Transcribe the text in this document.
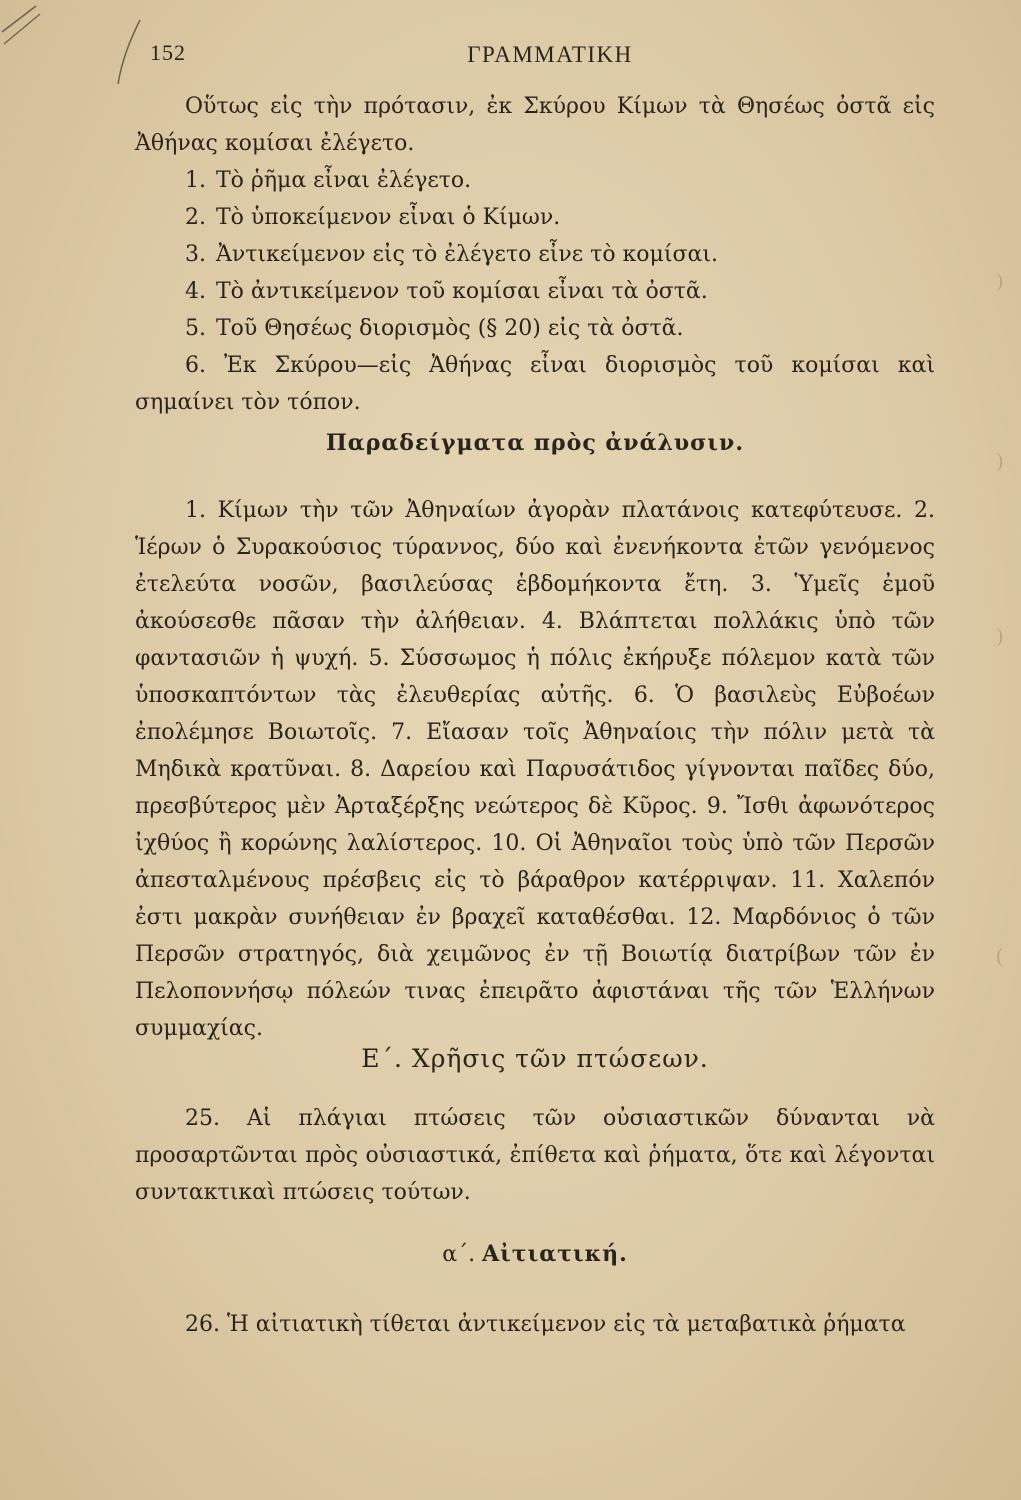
)
)
)
(
152	ΓΡΑΜΜΑΤΙΚΗ

Οὕτως εἰς τὴν πρότασιν, ἐκ Σκύρου Κίμων τὰ Θησέως ὀστᾶ εἰς Ἀθήνας κομίσαι ἐλέγετο.

1. Τὸ ῥῆμα εἶναι ἐλέγετο.

2. Τὸ ὑποκείμενον εἶναι ὁ Κίμων.

3. Ἀντικείμενον εἰς τὸ ἐλέγετο εἶνε τὸ κομίσαι.

4. Τὸ ἀντικείμενον τοῦ κομίσαι εἶναι τὰ ὀστᾶ.

5. Τοῦ Θησέως διορισμὸς (§ 20) εἰς τὰ ὀστᾶ.

6. Ἐκ Σκύρου—εἰς Ἀθήνας εἶναι διορισμὸς τοῦ κομίσαι καὶ σημαίνει τὸν τόπον.

Παραδείγματα πρὸς ἀνάλυσιν.

1. Κίμων τὴν τῶν Ἀθηναίων ἀγορὰν πλατάνοις κατεφύτευσε. 2. Ἱέρων ὁ Συρακούσιος τύραννος, δύο καὶ ἐνενήκοντα ἐτῶν γενόμενος ἐτελεύτα νοσῶν, βασιλεύσας ἑβδομήκοντα ἔτη. 3. Ὑμεῖς ἐμοῦ ἀκούσεσθε πᾶσαν τὴν ἀλήθειαν. 4. Βλάπτεται πολλάκις ὑπὸ τῶν φαντασιῶν ἡ ψυχή. 5. Σύσσωμος ἡ πόλις ἐκήρυξε πόλεμον κατὰ τῶν ὑποσκαπτόντων τὰς ἐλευθερίας αὐτῆς. 6. Ὁ βασιλεὺς Εὐβοέων ἐπολέμησε Βοιωτοῖς. 7. Εἴασαν τοῖς Ἀθηναίοις τὴν πόλιν μετὰ τὰ Μηδικὰ κρατῦναι. 8. Δαρείου καὶ Παρυσάτιδος γίγνονται παῖδες δύο, πρεσβύτερος μὲν Ἀρταξέρξης νεώτερος δὲ Κῦρος. 9. Ἴσθι ἀφωνότερος ἰχθύος ἢ κορώνης λαλίστερος. 10. Οἱ Ἀθηναῖοι τοὺς ὑπὸ τῶν Περσῶν ἀπεσταλμένους πρέσβεις εἰς τὸ βάραθρον κατέρριψαν. 11. Χαλεπόν ἐστι μακρὰν συνήθειαν ἐν βραχεῖ καταθέσθαι. 12. Μαρδόνιος ὁ τῶν Περσῶν στρατηγός, διὰ χειμῶνος ἐν τῇ Βοιωτίᾳ διατρίβων τῶν ἐν Πελοποννήσῳ πόλεών τινας ἐπειρᾶτο ἀφιστάναι τῆς τῶν Ἑλλήνων συμμαχίας.

Ε΄. Χρῆσις τῶν πτώσεων.

25. Αἱ πλάγιαι πτώσεις τῶν οὐσιαστικῶν δύνανται νὰ προσαρτῶνται πρὸς οὐσιαστικά, ἐπίθετα καὶ ῥήματα, ὅτε καὶ λέγονται συντακτικαὶ πτώσεις τούτων.

α΄. Αἰτιατική.

26. Ἡ αἰτιατικὴ τίθεται ἀντικείμενον εἰς τὰ μεταβατικὰ ῥήματα
